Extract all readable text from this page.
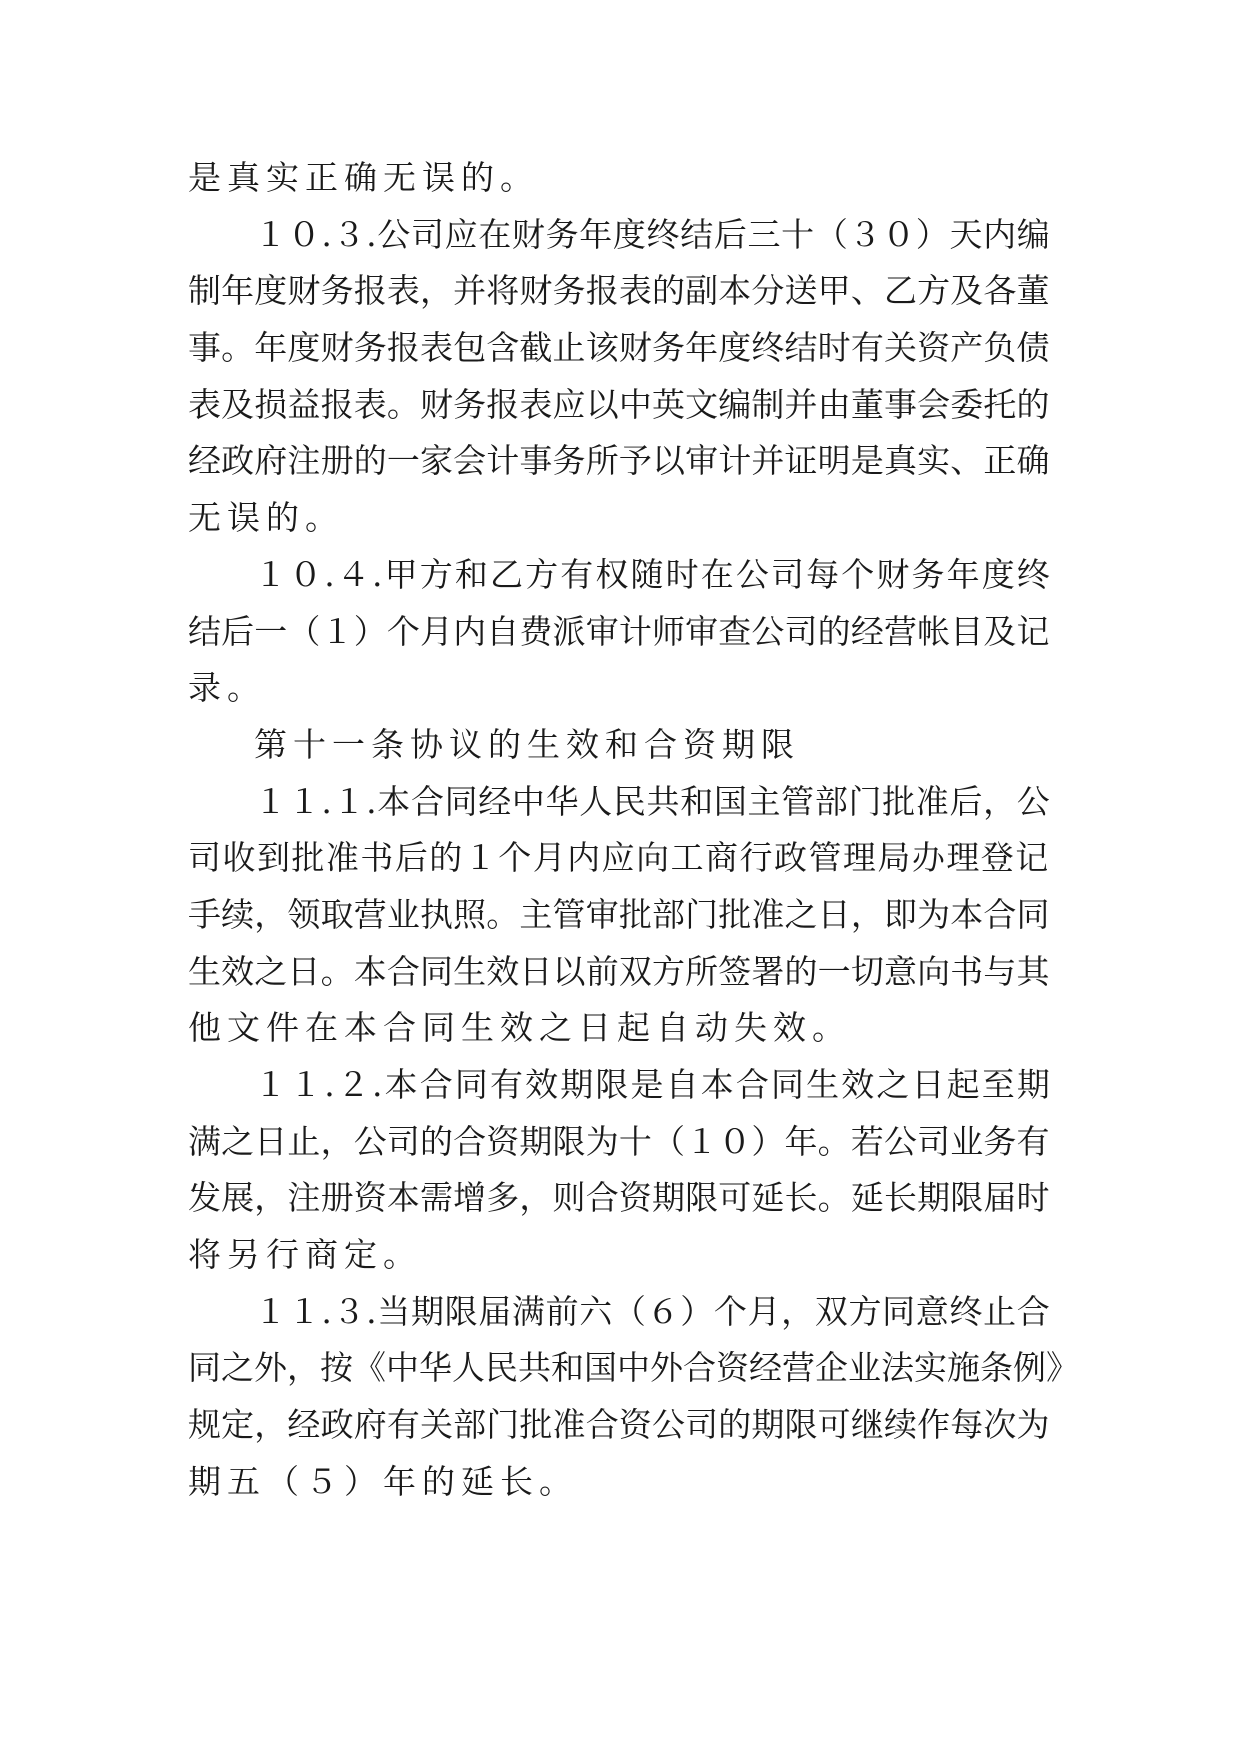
是真实正确无误的。
１ ０ . ３ . 公 司 应 在 财 务 年 度 终 结 后 三 十 （ ３ ０ ） 天 内 编
制 年 度 财 务 报 表 ， 并 将 财 务 报 表 的 副 本 分 送 甲 、 乙 方 及 各 董
事 。 年 度 财 务 报 表 包 含 截 止 该 财 务 年 度 终 结 时 有 关 资 产 负 债
表 及 损 益 报 表 。 财 务 报 表 应 以 中 英 文 编 制 并 由 董 事 会 委 托 的
经 政 府 注 册 的 一 家 会 计 事 务 所 予 以 审 计 并 证 明 是 真 实 、 正 确
无误的。
１ ０ . ４ . 甲 方 和 乙 方 有 权 随 时 在 公 司 每 个 财 务 年 度 终
结 后 一 （ １ ） 个 月 内 自 费 派 审 计 师 审 查 公 司 的 经 营 帐 目 及 记
录。
第十一条协议的生效和合资期限
１ １ . １ . 本 合 同 经 中 华 人 民 共 和 国 主 管 部 门 批 准 后 ， 公
司 收 到 批 准 书 后 的 １ 个 月 内 应 向 工 商 行 政 管 理 局 办 理 登 记
手 续 ， 领 取 营 业 执 照 。 主 管 审 批 部 门 批 准 之 日 ， 即 为 本 合 同
生 效 之 日 。 本 合 同 生 效 日 以 前 双 方 所 签 署 的 一 切 意 向 书 与 其
他文件在本合同生效之日起自动失效。
１ １ . ２ . 本 合 同 有 效 期 限 是 自 本 合 同 生 效 之 日 起 至 期
满 之 日 止 ， 公 司 的 合 资 期 限 为 十 （ １ ０ ） 年 。 若 公 司 业 务 有
发 展 ， 注 册 资 本 需 增 多 ， 则 合 资 期 限 可 延 长 。 延 长 期 限 届 时
将另行商定。
１ １ . ３ . 当 期 限 届 满 前 六 （ ６ ） 个 月 ， 双 方 同 意 终 止 合
同 之 外 ， 按 《 中 华 人 民 共 和 国 中 外 合 资 经 营 企 业 法 实 施 条 例 》
规 定 ， 经 政 府 有 关 部 门 批 准 合 资 公 司 的 期 限 可 继 续 作 每 次 为
期五（５）年的延长。
